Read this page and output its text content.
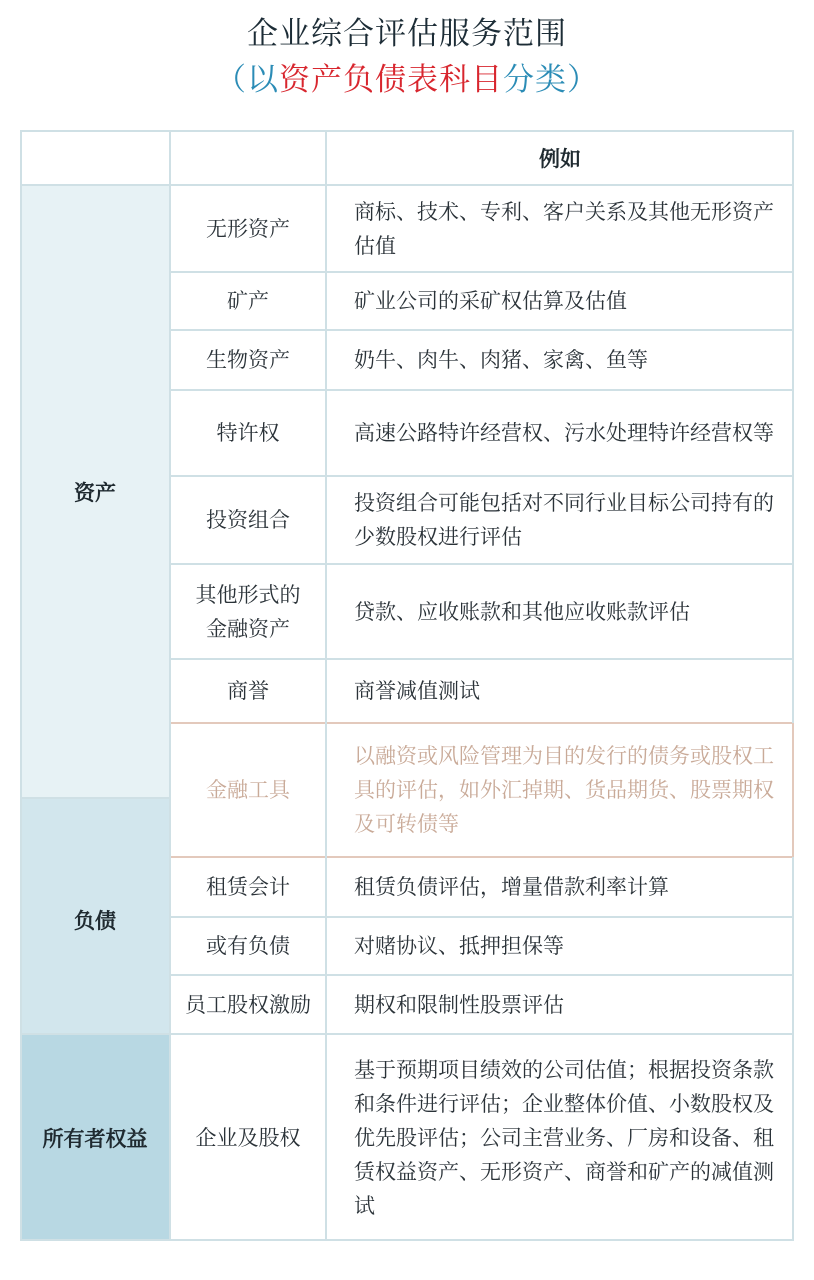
企业综合评估服务范围
（以资产负债表科目分类）
例如
资产
负债
所有者权益
无形资产
矿产
生物资产
特许权
投资组合
其他形式的金融资产
商誉
金融工具
租赁会计
或有负债
员工股权激励
企业及股权
商标、技术、专利、客户关系及其他无形资产估值
矿业公司的采矿权估算及估值
奶牛、肉牛、肉猪、家禽、鱼等
高速公路特许经营权、污水处理特许经营权等
投资组合可能包括对不同行业目标公司持有的少数股权进行评估
贷款、应收账款和其他应收账款评估
商誉减值测试
以融资或风险管理为目的发行的债务或股权工具的评估，如外汇掉期、货品期货、股票期权及可转债等
租赁负债评估，增量借款利率计算
对赌协议、抵押担保等
期权和限制性股票评估
基于预期项目绩效的公司估值；根据投资条款和条件进行评估；企业整体价值、小数股权及优先股评估；公司主营业务、厂房和设备、租赁权益资产、无形资产、商誉和矿产的减值测试
